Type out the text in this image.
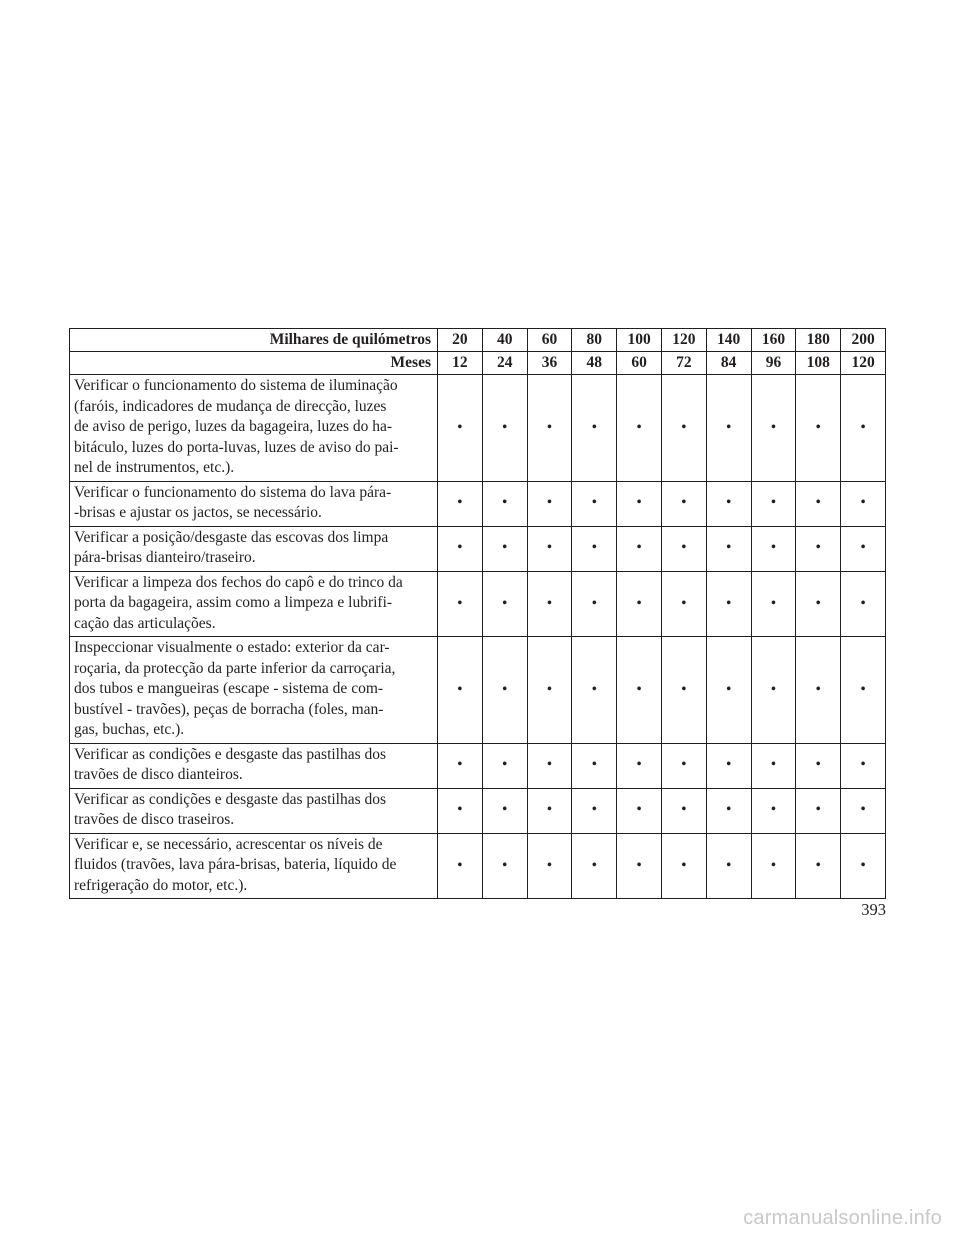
Milhares de quilómetros	20	40	60	80	100	120	140	160	180	200
Meses	12	24	36	48	60	72	84	96	108	120
Verificar o funcionamento do sistema de iluminação
(faróis, indicadores de mudança de direcção, luzes
de aviso de perigo, luzes da bagageira, luzes do ha-
bitáculo, luzes do porta-luvas, luzes de aviso do pai-
nel de instrumentos, etc.).	•	•	•	•	•	•	•	•	•	•
Verificar o funcionamento do sistema do lava pára-
-brisas e ajustar os jactos, se necessário.	•	•	•	•	•	•	•	•	•	•
Verificar a posição/desgaste das escovas dos limpa
pára-brisas dianteiro/traseiro.	•	•	•	•	•	•	•	•	•	•
Verificar a limpeza dos fechos do capô e do trinco da
porta da bagageira, assim como a limpeza e lubrifi-
cação das articulações.	•	•	•	•	•	•	•	•	•	•
Inspeccionar visualmente o estado: exterior da car-
roçaria, da protecção da parte inferior da carroçaria,
dos tubos e mangueiras (escape - sistema de com-
bustível - travões), peças de borracha (foles, man-
gas, buchas, etc.).	•	•	•	•	•	•	•	•	•	•
Verificar as condições e desgaste das pastilhas dos
travões de disco dianteiros.	•	•	•	•	•	•	•	•	•	•
Verificar as condições e desgaste das pastilhas dos
travões de disco traseiros.	•	•	•	•	•	•	•	•	•	•
Verificar e, se necessário, acrescentar os níveis de
fluidos (travões, lava pára-brisas, bateria, líquido de
refrigeração do motor, etc.).	•	•	•	•	•	•	•	•	•	•
393
carmanualsonline.info
